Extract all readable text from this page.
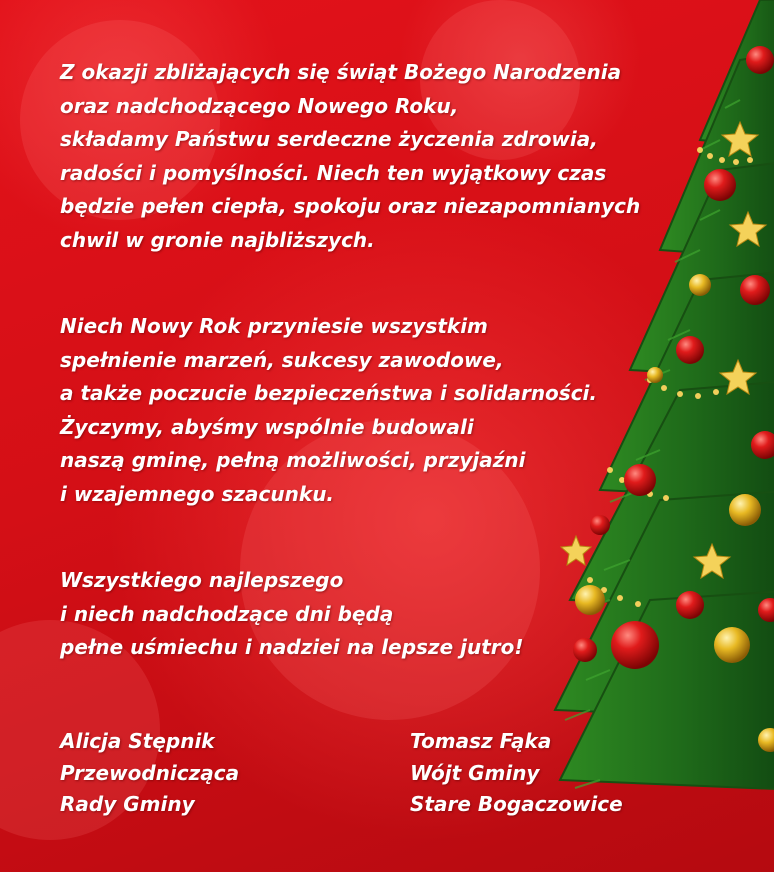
Z okazji zbliżających się świąt Bożego Narodzenia
oraz nadchodzącego Nowego Roku,
składamy Państwu serdeczne życzenia zdrowia,
radości i pomyślności. Niech ten wyjątkowy czas
będzie pełen ciepła, spokoju oraz niezapomnianych
chwil w gronie najbliższych.
Niech Nowy Rok przyniesie wszystkim
spełnienie marzeń, sukcesy zawodowe,
a także poczucie bezpieczeństwa i solidarności.
Życzymy, abyśmy wspólnie budowali
naszą gminę, pełną możliwości, przyjaźni
i wzajemnego szacunku.
Wszystkiego najlepszego
i niech nadchodzące dni będą
pełne uśmiechu i nadziei na lepsze jutro!
Alicja Stępnik
Przewodnicząca
Rady Gminy
Tomasz Fąka
Wójt Gminy
Stare Bogaczowice
